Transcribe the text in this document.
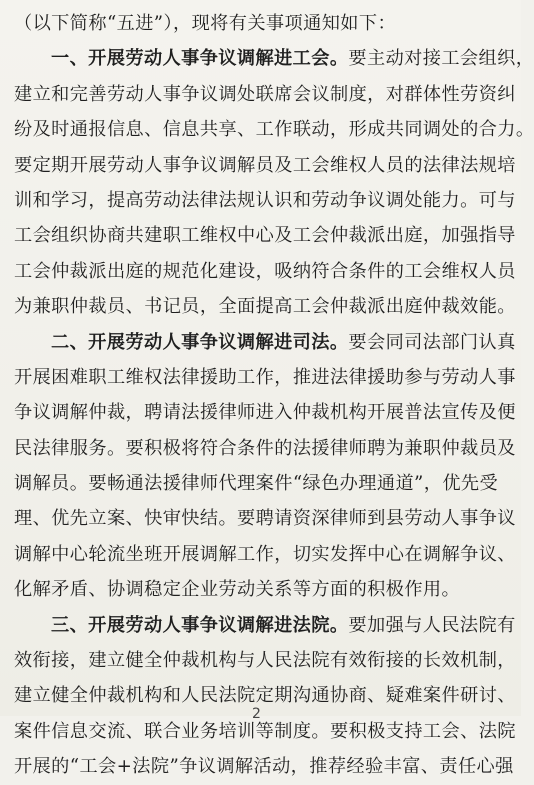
（以下简称“五进”），现将有关事项通知如下：
一、开展劳动人事争议调解进工会。要主动对接工会组织，
建立和完善劳动人事争议调处联席会议制度，对群体性劳资纠
纷及时通报信息、信息共享、工作联动，形成共同调处的合力。
要定期开展劳动人事争议调解员及工会维权人员的法律法规培
训和学习，提高劳动法律法规认识和劳动争议调处能力。可与
工会组织协商共建职工维权中心及工会仲裁派出庭，加强指导
工会仲裁派出庭的规范化建设，吸纳符合条件的工会维权人员
为兼职仲裁员、书记员，全面提高工会仲裁派出庭仲裁效能。
二、开展劳动人事争议调解进司法。要会同司法部门认真
开展困难职工维权法律援助工作，推进法律援助参与劳动人事
争议调解仲裁，聘请法援律师进入仲裁机构开展普法宣传及便
民法律服务。要积极将符合条件的法援律师聘为兼职仲裁员及
调解员。要畅通法援律师代理案件“绿色办理通道”，优先受
理、优先立案、快审快结。要聘请资深律师到县劳动人事争议
调解中心轮流坐班开展调解工作，切实发挥中心在调解争议、
化解矛盾、协调稳定企业劳动关系等方面的积极作用。
三、开展劳动人事争议调解进法院。要加强与人民法院有
效衔接，建立健全仲裁机构与人民法院有效衔接的长效机制，
建立健全仲裁机构和人民法院定期沟通协商、疑难案件研讨、
案件信息交流、联合业务培训等制度。要积极支持工会、法院
开展的“工会+法院”争议调解活动，推荐经验丰富、责任心强
2
